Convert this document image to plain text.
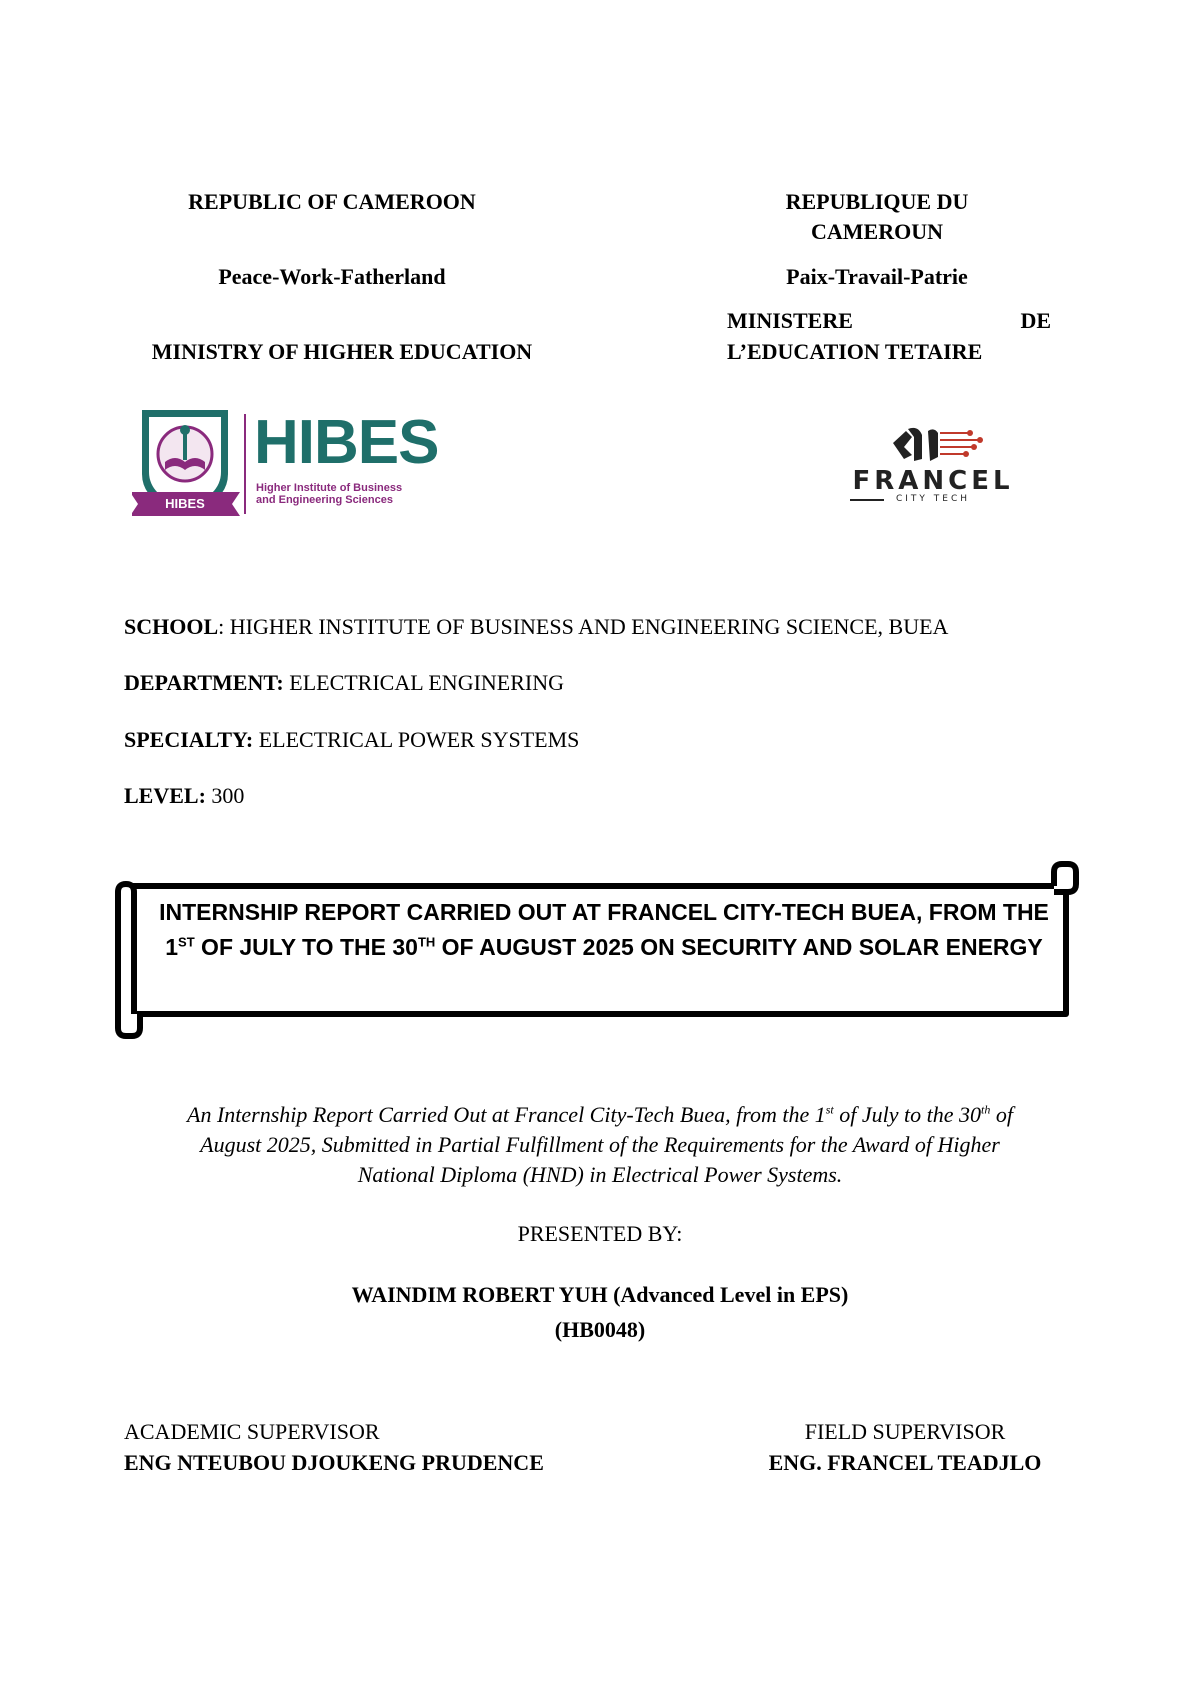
REPUBLIC OF CAMEROON
Peace-Work-Fatherland
MINISTRY OF HIGHER EDUCATION
REPUBLIQUE DU
CAMEROUN
Paix-Travail-Patrie
MINISTERE	DE
L’EDUCATION TETAIRE
HIBES
HIBES
Higher Institute of Business
and Engineering Sciences
FRANCEL
CITY TECH
SCHOOL: HIGHER INSTITUTE OF BUSINESS AND ENGINEERING SCIENCE, BUEA
DEPARTMENT: ELECTRICAL ENGINERING
SPECIALTY: ELECTRICAL POWER SYSTEMS
LEVEL: 300
INTERNSHIP REPORT CARRIED OUT AT FRANCEL CITY-TECH BUEA, FROM THE
1ST OF JULY TO THE 30TH OF AUGUST 2025 ON SECURITY AND SOLAR ENERGY
An Internship Report Carried Out at Francel City-Tech Buea, from the 1st of July to the 30th of
August 2025, Submitted in Partial Fulfillment of the Requirements for the Award of Higher
National Diploma (HND) in Electrical Power Systems.
PRESENTED BY:
WAINDIM ROBERT YUH (Advanced Level in EPS)
(HB0048)
ACADEMIC SUPERVISOR
ENG NTEUBOU DJOUKENG PRUDENCE
FIELD SUPERVISOR
ENG. FRANCEL TEADJLO
